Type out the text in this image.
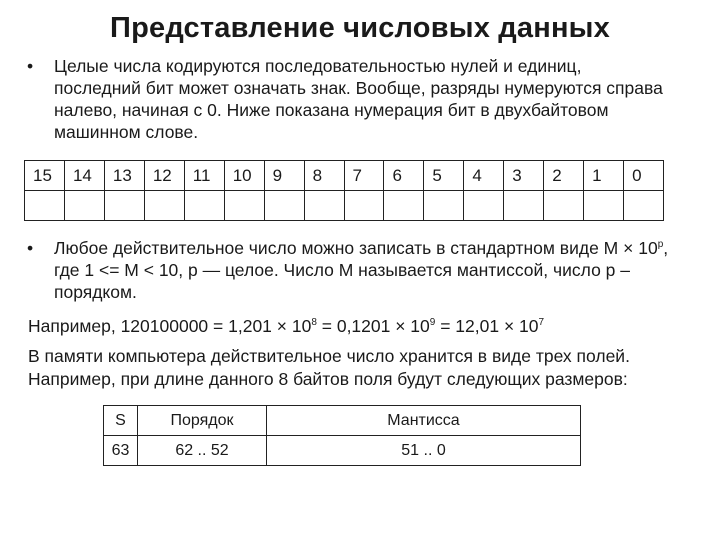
Представление числовых данных
• Целые числа кодируются последовательностью нулей и единиц, последний бит может означать знак. Вообще, разряды нумеруются справа налево, начиная с 0. Ниже показана нумерация бит в двухбайтовом машинном слове.
15	14	13	12	11	10	9	8	7	6	5	4	3	2	1	0

• Любое действительное число можно записать в стандартном виде $M \times 10^p$, где 1 <= M < 10, p — целое. Число M называется мантиссой, число p – порядком.
Например, $120100000 = 1,201 \times 10^8 = 0,1201 \times 10^9 = 12,01 \times 10^7$
В памяти компьютера действительное число хранится в виде трех полей.
Например, при длине данного 8 байтов поля будут следующих размеров:
S	Порядок	Мантисса
63	62 .. 52	51 .. 0
